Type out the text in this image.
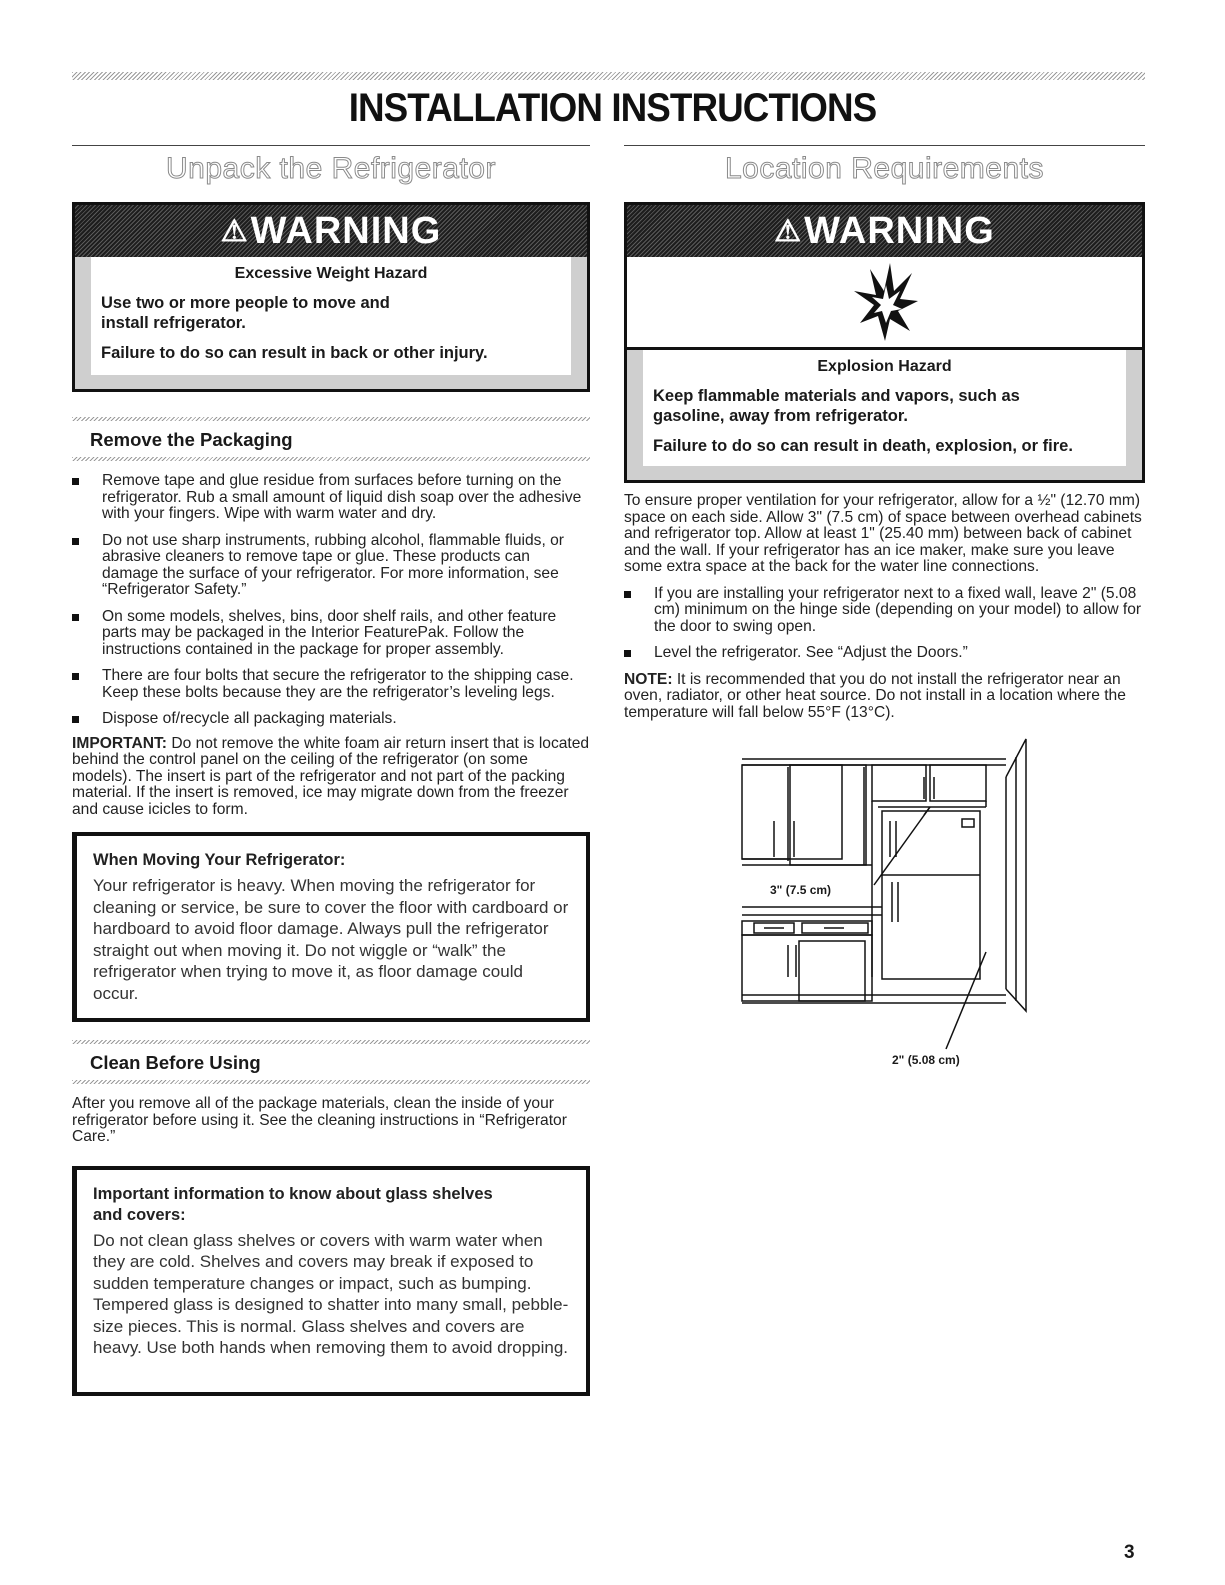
INSTALLATION INSTRUCTIONS
Unpack the Refrigerator
⚠ WARNING
Excessive Weight Hazard

Use two or more people to move and install refrigerator.

Failure to do so can result in back or other injury.

Remove the Packaging
Remove tape and glue residue from surfaces before turning on the refrigerator. Rub a small amount of liquid dish soap over the adhesive with your fingers. Wipe with warm water and dry.
Do not use sharp instruments, rubbing alcohol, flammable fluids, or abrasive cleaners to remove tape or glue. These products can damage the surface of your refrigerator. For more information, see “Refrigerator Safety.”
On some models, shelves, bins, door shelf rails, and other feature parts may be packaged in the Interior FeaturePak. Follow the instructions contained in the package for proper assembly.
There are four bolts that secure the refrigerator to the shipping case. Keep these bolts because they are the refrigerator’s leveling legs.
Dispose of/recycle all packaging materials.

IMPORTANT: Do not remove the white foam air return insert that is located behind the control panel on the ceiling of the refrigerator (on some models). The insert is part of the refrigerator and not part of the packing material. If the insert is removed, ice may migrate down from the freezer and cause icicles to form.

When Moving Your Refrigerator:
Your refrigerator is heavy. When moving the refrigerator for cleaning or service, be sure to cover the floor with cardboard or hardboard to avoid floor damage. Always pull the refrigerator straight out when moving it. Do not wiggle or “walk” the refrigerator when trying to move it, as floor damage could occur.
Clean Before Using

After you remove all of the package materials, clean the inside of your refrigerator before using it. See the cleaning instructions in “Refrigerator Care.”

Important information to know about glass shelves and covers:
Do not clean glass shelves or covers with warm water when they are cold. Shelves and covers may break if exposed to sudden temperature changes or impact, such as bumping. Tempered glass is designed to shatter into many small, pebble-size pieces. This is normal. Glass shelves and covers are heavy. Use both hands when removing them to avoid dropping.
Location Requirements
⚠ WARNING
Explosion Hazard

Keep flammable materials and vapors, such as gasoline, away from refrigerator.

Failure to do so can result in death, explosion, or fire.

To ensure proper ventilation for your refrigerator, allow for a ½" (12.70 mm) space on each side. Allow 3" (7.5 cm) of space between overhead cabinets and refrigerator top. Allow at least 1" (25.40 mm) between back of cabinet and the wall. If your refrigerator has an ice maker, make sure you leave some extra space at the back for the water line connections.

If you are installing your refrigerator next to a fixed wall, leave 2" (5.08 cm) minimum on the hinge side (depending on your model) to allow for the door to swing open.
Level the refrigerator. See “Adjust the Doors.”

NOTE: It is recommended that you do not install the refrigerator near an oven, radiator, or other heat source. Do not install in a location where the temperature will fall below 55°F (13°C).

3" (7.5 cm)
2" (5.08 cm)
3
